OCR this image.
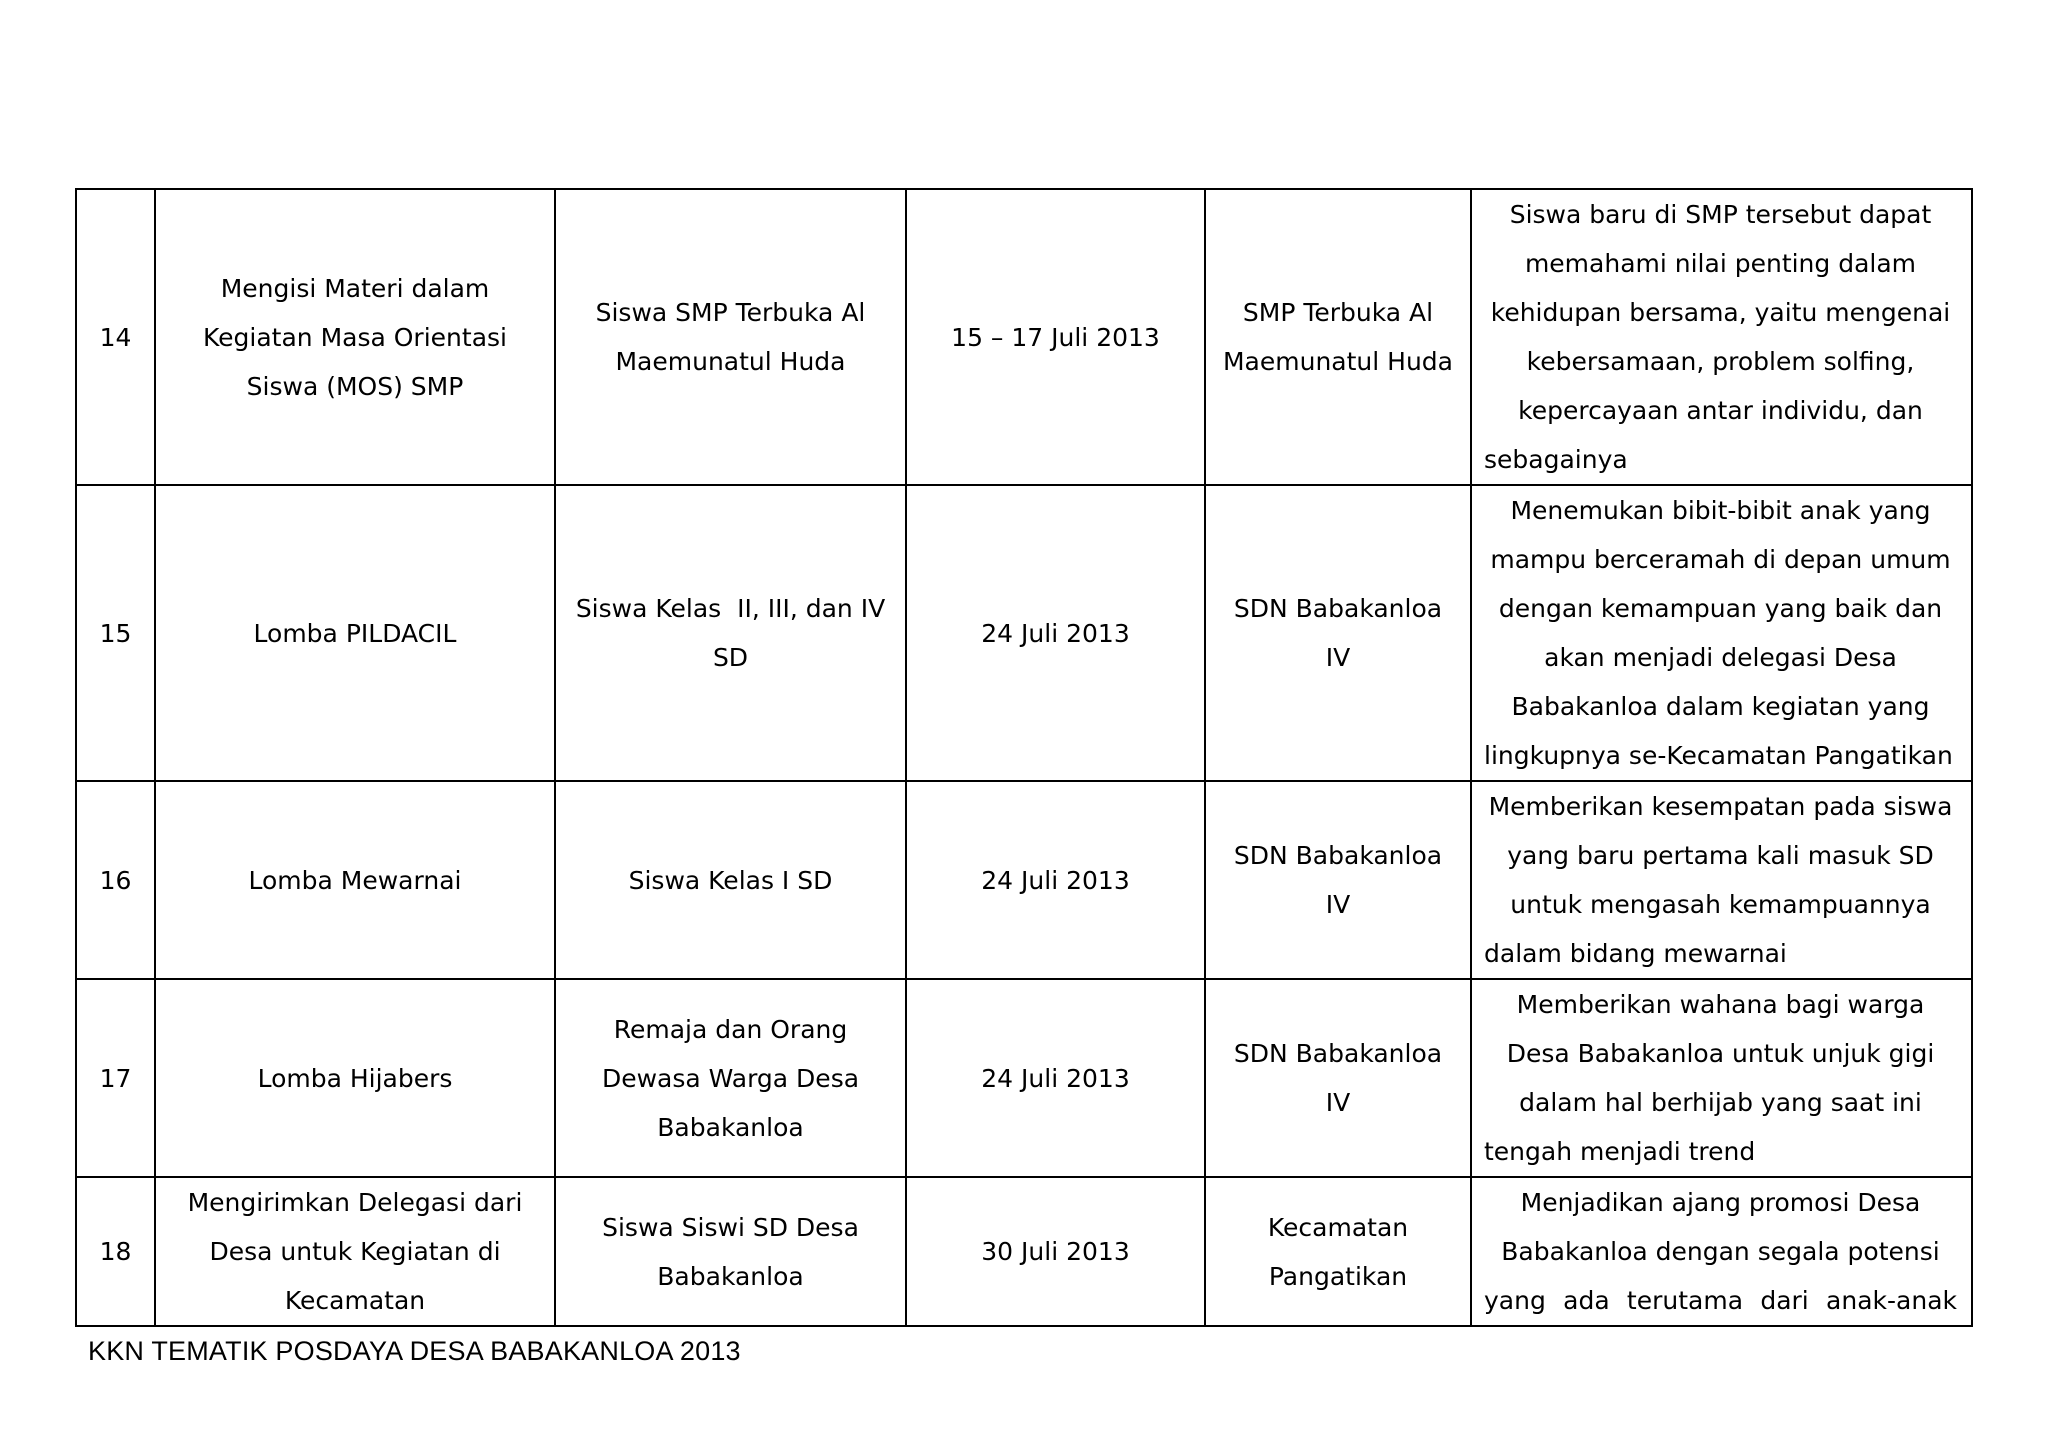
14	Mengisi Materi dalam Kegiatan Masa Orientasi Siswa (MOS) SMP	Siswa SMP Terbuka Al Maemunatul Huda	15 – 17 Juli 2013	SMP Terbuka Al Maemunatul Huda	Siswa baru di SMP tersebut dapat memahami nilai penting dalam kehidupan bersama, yaitu mengenai kebersamaan, problem solfing, kepercayaan antar individu, dan sebagainya
15	Lomba PILDACIL	Siswa Kelas  II, III, dan IV SD	24 Juli 2013	SDN Babakanloa IV	Menemukan bibit-bibit anak yang mampu berceramah di depan umum dengan kemampuan yang baik dan akan menjadi delegasi Desa Babakanloa dalam kegiatan yang lingkupnya se-Kecamatan Pangatikan
16	Lomba Mewarnai	Siswa Kelas I SD	24 Juli 2013	SDN Babakanloa IV	Memberikan kesempatan pada siswa yang baru pertama kali masuk SD untuk mengasah kemampuannya dalam bidang mewarnai
17	Lomba Hijabers	Remaja dan Orang Dewasa Warga Desa Babakanloa	24 Juli 2013	SDN Babakanloa IV	Memberikan wahana bagi warga Desa Babakanloa untuk unjuk gigi dalam hal berhijab yang saat ini tengah menjadi trend
18	Mengirimkan Delegasi dari Desa untuk Kegiatan di Kecamatan	Siswa Siswi SD Desa Babakanloa	30 Juli 2013	Kecamatan Pangatikan	Menjadikan ajang promosi Desa Babakanloa dengan segala potensi yang ada terutama dari anak-anak
KKN TEMATIK POSDAYA DESA BABAKANLOA 2013
